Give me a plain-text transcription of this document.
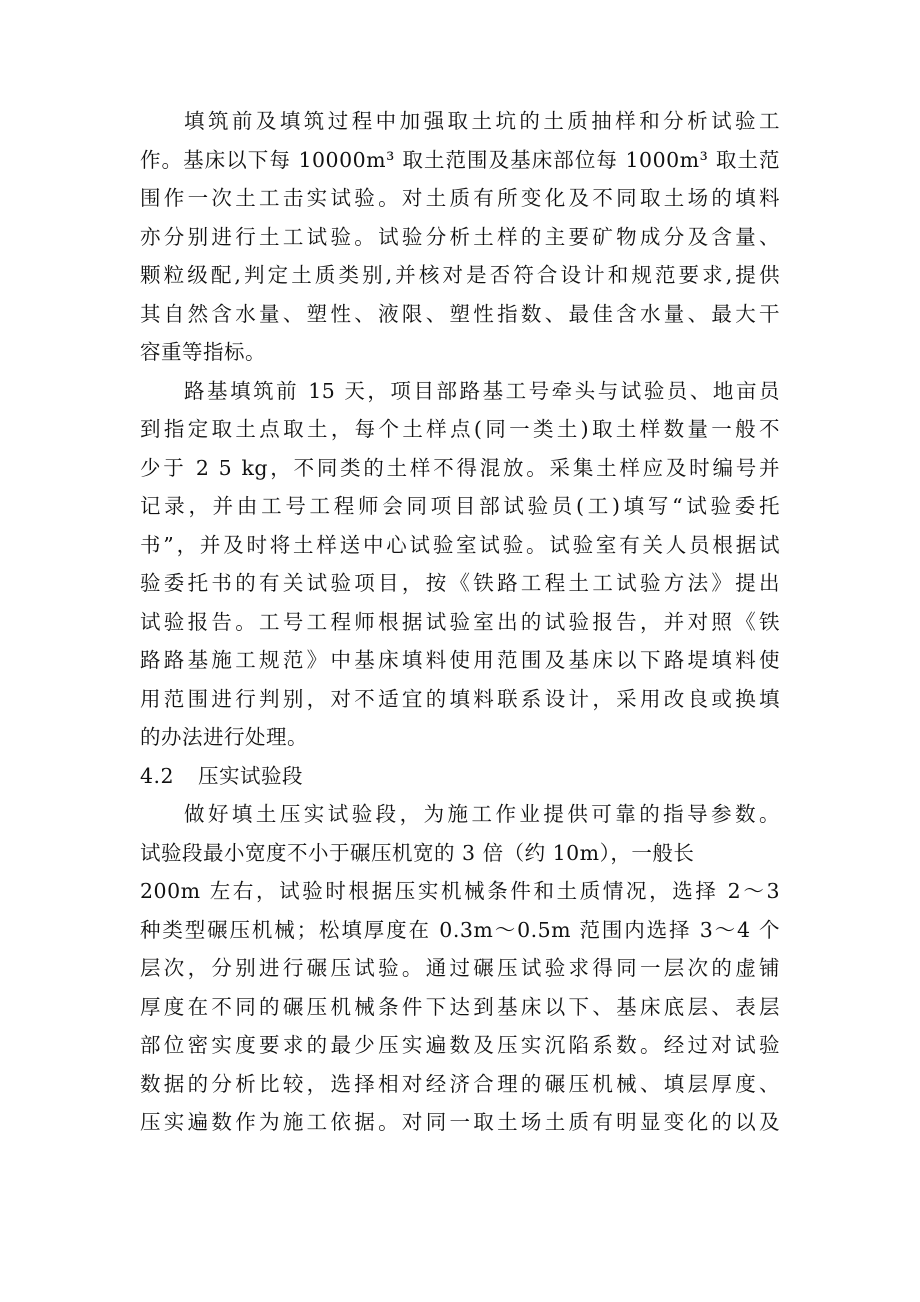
填筑前及填筑过程中加强取土坑的土质抽样和分析试验工
作。基床以下每 10000m³ 取土范围及基床部位每 1000m³ 取土范
围作一次土工击实试验。对土质有所变化及不同取土场的填料
亦分别进行土工试验。试验分析土样的主要矿物成分及含量、
颗粒级配,判定土质类别,并核对是否符合设计和规范要求,提供
其自然含水量、塑性、液限、塑性指数、最佳含水量、最大干
容重等指标。
路基填筑前 15 天，项目部路基工号牵头与试验员、地亩员
到指定取土点取土，每个土样点(同一类土)取土样数量一般不
少于 2 5 kg，不同类的土样不得混放。采集土样应及时编号并
记录，并由工号工程师会同项目部试验员(工)填写“试验委托
书”，并及时将土样送中心试验室试验。试验室有关人员根据试
验委托书的有关试验项目，按《铁路工程土工试验方法》提出
试验报告。工号工程师根据试验室出的试验报告，并对照《铁
路路基施工规范》中基床填料使用范围及基床以下路堤填料使
用范围进行判别，对不适宜的填料联系设计，采用改良或换填
的办法进行处理。
4.2 压实试验段
做好填土压实试验段，为施工作业提供可靠的指导参数。
试验段最小宽度不小于碾压机宽的 3 倍（约 10m），一般长
200m 左右，试验时根据压实机械条件和土质情况，选择 2～3
种类型碾压机械；松填厚度在 0.3m～0.5m 范围内选择 3～4 个
层次，分别进行碾压试验。通过碾压试验求得同一层次的虚铺
厚度在不同的碾压机械条件下达到基床以下、基床底层、表层
部位密实度要求的最少压实遍数及压实沉陷系数。经过对试验
数据的分析比较，选择相对经济合理的碾压机械、填层厚度、
压实遍数作为施工依据。对同一取土场土质有明显变化的以及
